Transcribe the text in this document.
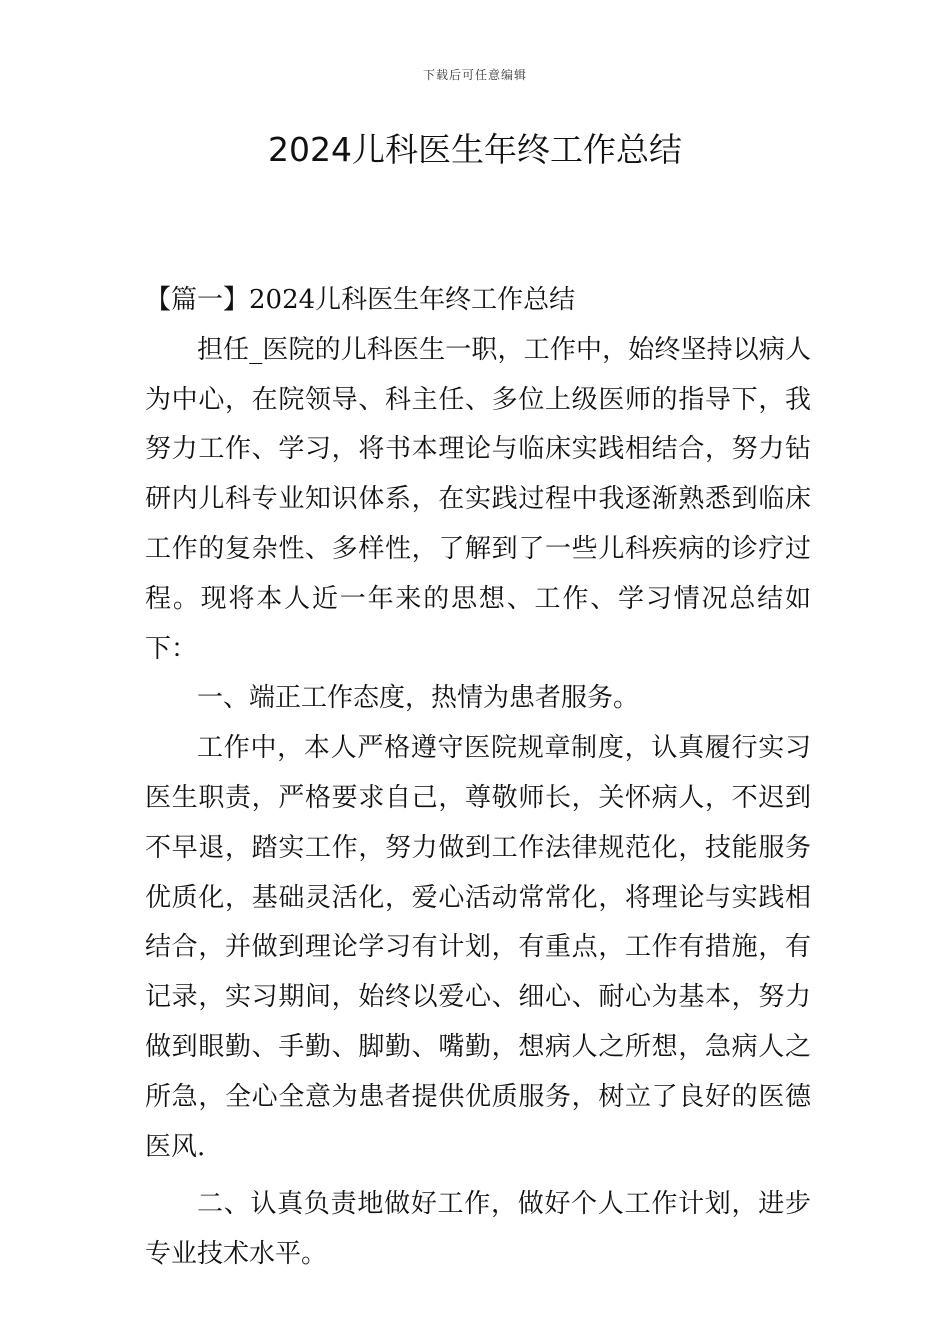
下载后可任意编辑
2024儿科医生年终工作总结

【篇一】2024儿科医生年终工作总结

担任_医院的儿科医生一职，工作中，始终坚持以病人为中心，在院领导、科主任、多位上级医师的指导下，我努力工作、学习，将书本理论与临床实践相结合，努力钻研内儿科专业知识体系，在实践过程中我逐渐熟悉到临床工作的复杂性、多样性，了解到了一些儿科疾病的诊疗过程。现将本人近一年来的思想、工作、学习情况总结如下：

一、端正工作态度，热情为患者服务。

工作中，本人严格遵守医院规章制度，认真履行实习医生职责，严格要求自己，尊敬师长，关怀病人，不迟到不早退，踏实工作，努力做到工作法律规范化，技能服务优质化，基础灵活化，爱心活动常常化，将理论与实践相结合，并做到理论学习有计划，有重点，工作有措施，有记录，实习期间，始终以爱心、细心、耐心为基本，努力做到眼勤、手勤、脚勤、嘴勤，想病人之所想，急病人之所急，全心全意为患者提供优质服务，树立了良好的医德医风.

二、认真负责地做好工作，做好个人工作计划，进步专业技术水平。
